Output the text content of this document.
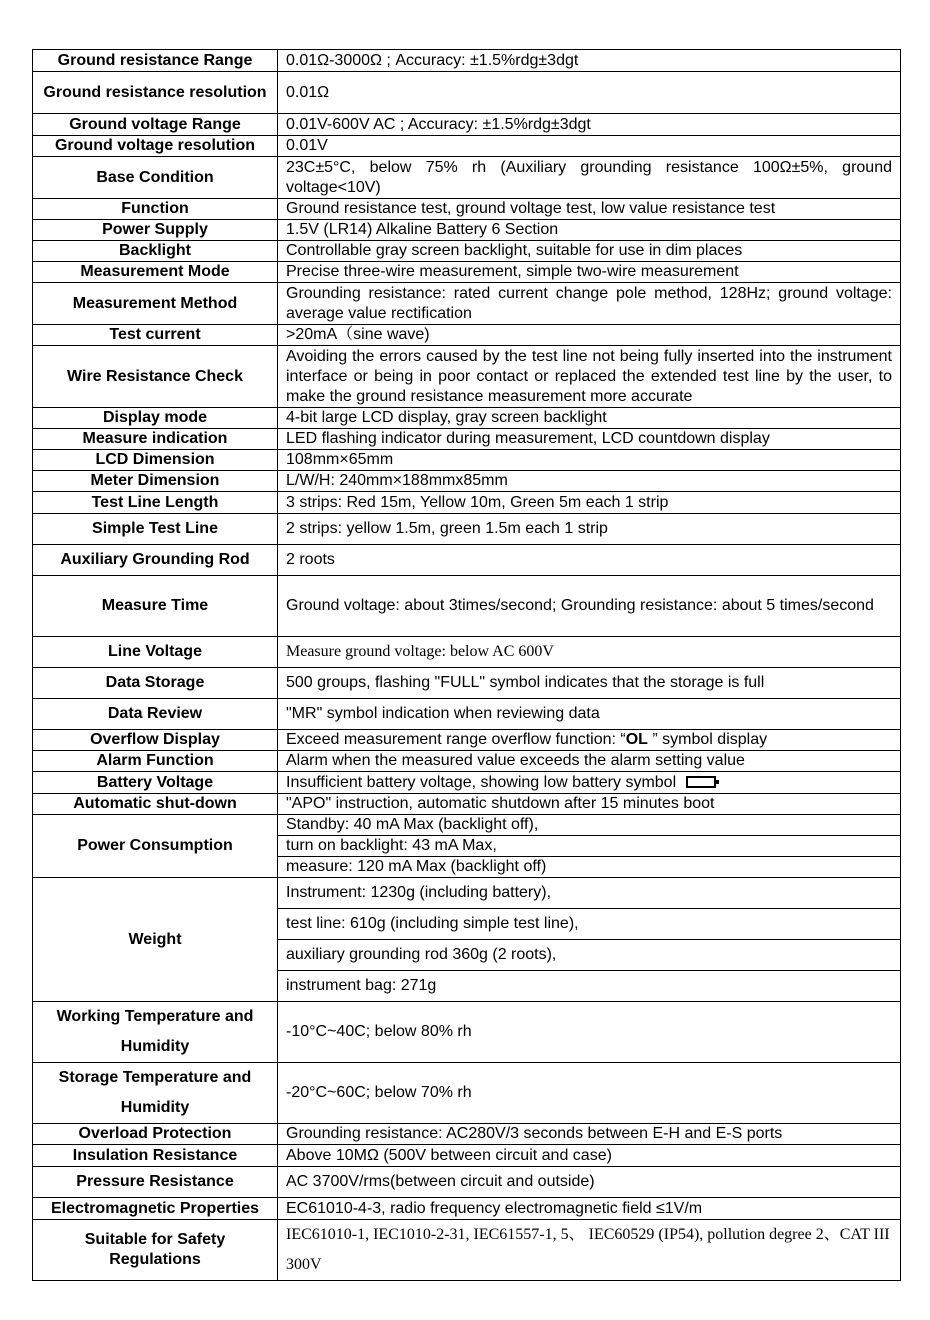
Ground resistance Range	0.01Ω-3000Ω ; Accuracy: ±1.5%rdg±3dgt
Ground resistance resolution	0.01Ω
Ground voltage Range	0.01V-600V AC ; Accuracy: ±1.5%rdg±3dgt
Ground voltage resolution	0.01V
Base Condition	23C±5°C, below 75% rh (Auxiliary grounding resistance 100Ω±5%, ground voltage<10V)
Function	Ground resistance test, ground voltage test, low value resistance test
Power Supply	1.5V (LR14) Alkaline Battery 6 Section
Backlight	Controllable gray screen backlight, suitable for use in dim places
Measurement Mode	Precise three-wire measurement, simple two-wire measurement
Measurement Method	Grounding resistance: rated current change pole method, 128Hz; ground voltage: average value rectification
Test current	>20mA（sine wave)
Wire Resistance Check	Avoiding the errors caused by the test line not being fully inserted into the instrument interface or being in poor contact or replaced the extended test line by the user, to make the ground resistance measurement more accurate
Display mode	4-bit large LCD display, gray screen backlight
Measure indication	LED flashing indicator during measurement, LCD countdown display
LCD Dimension	108mm×65mm
Meter Dimension	L/W/H: 240mm×188mmx85mm
Test Line Length	3 strips: Red 15m, Yellow 10m, Green 5m each 1 strip
Simple Test Line	2 strips: yellow 1.5m, green 1.5m each 1 strip
Auxiliary Grounding Rod	2 roots
Measure Time	Ground voltage: about 3times/second; Grounding resistance: about 5 times/second
Line Voltage	Measure ground voltage: below AC 600V
Data Storage	500 groups, flashing "FULL" symbol indicates that the storage is full
Data Review	"MR" symbol indication when reviewing data
Overflow Display	Exceed measurement range overflow function: “OL ” symbol display
Alarm Function	Alarm when the measured value exceeds the alarm setting value
Battery Voltage	Insufficient battery voltage, showing low battery symbol
Automatic shut-down	"APO" instruction, automatic shutdown after 15 minutes boot
Power Consumption	Standby: 40 mA Max (backlight off),
turn on backlight: 43 mA Max,
measure: 120 mA Max (backlight off)

Weight	Instrument: 1230g (including battery),
test line: 610g (including simple test line),
auxiliary grounding rod 360g (2 roots),
instrument bag: 271g

Working Temperature and Humidity	-10°C~40C; below 80% rh
Storage Temperature and Humidity	-20°C~60C; below 70% rh
Overload Protection	Grounding resistance: AC280V/3 seconds between E-H and E-S ports
Insulation Resistance	Above 10MΩ (500V between circuit and case)
Pressure Resistance	AC 3700V/rms(between circuit and outside)
Electromagnetic Properties	EC61010-4-3, radio frequency electromagnetic field ≤1V/m
Suitable for Safety Regulations	IEC61010-1, IEC1010-2-31, IEC61557-1, 5、 IEC60529 (IP54), pollution degree 2、CAT III 300V
